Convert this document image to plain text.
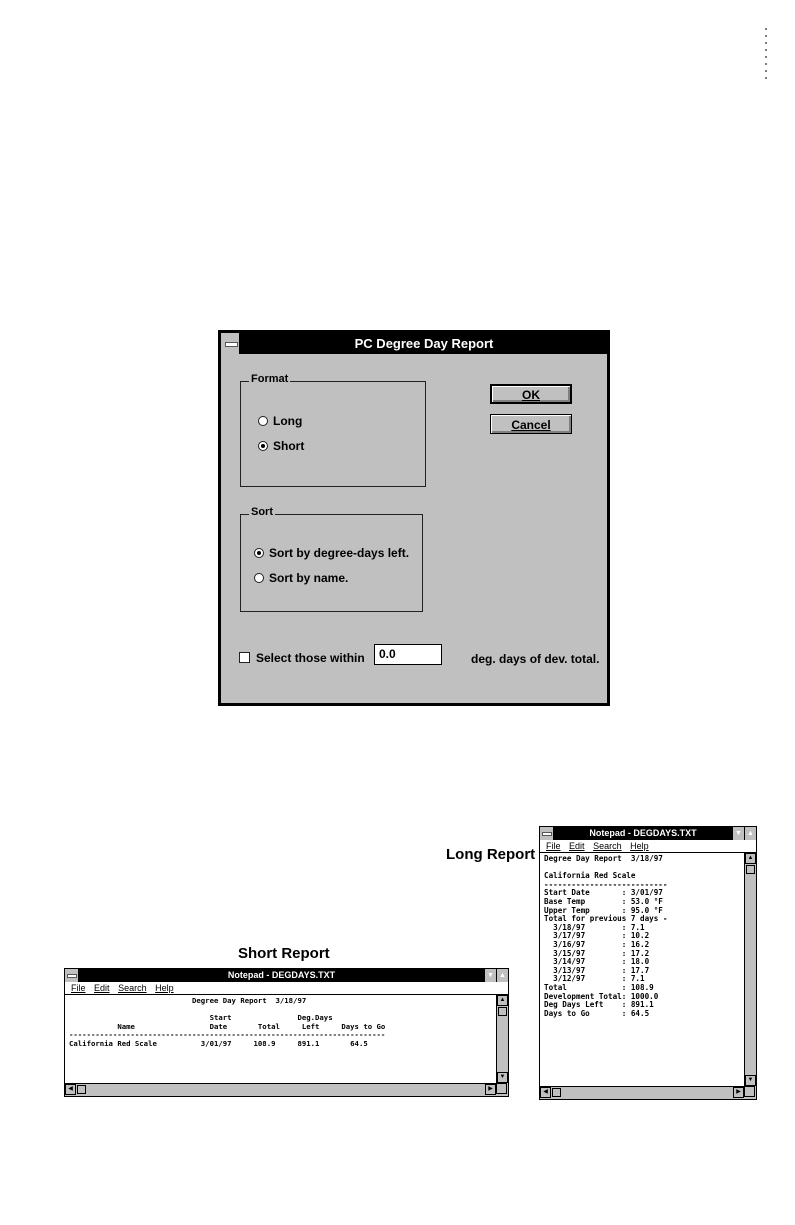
PC Degree Day Report
Format
Long
Short
OK
Cancel
Sort
Sort by degree-days left.
Sort by name.
Select those within	0.0	deg. days of dev. total.
Long Report
Notepad - DEGDAYS.TXT	▼ ▲
File Edit Search Help
Degree Day Report  3/18/97

California Red Scale
---------------------------
Start Date       : 3/01/97
Base Temp        : 53.0 °F
Upper Temp       : 95.0 °F
Total for previous 7 days -
3/18/97        : 7.1
3/17/97        : 10.2
3/16/97        : 16.2
3/15/97        : 17.2
3/14/97        : 18.0
3/13/97        : 17.7
3/12/97        : 7.1
Total            : 108.9
Development Total: 1000.0
Deg Days Left    : 891.1
Days to Go       : 64.5
▲
▼
◀	▶
Short Report
Notepad - DEGDAYS.TXT	▼ ▲
File Edit Search Help
Degree Day Report  3/18/97

Start               Deg.Days
Name                 Date       Total     Left     Days to Go
------------------------------------------------------------------------
California Red Scale          3/01/97     108.9     891.1       64.5
▲
▼
◀	▶
